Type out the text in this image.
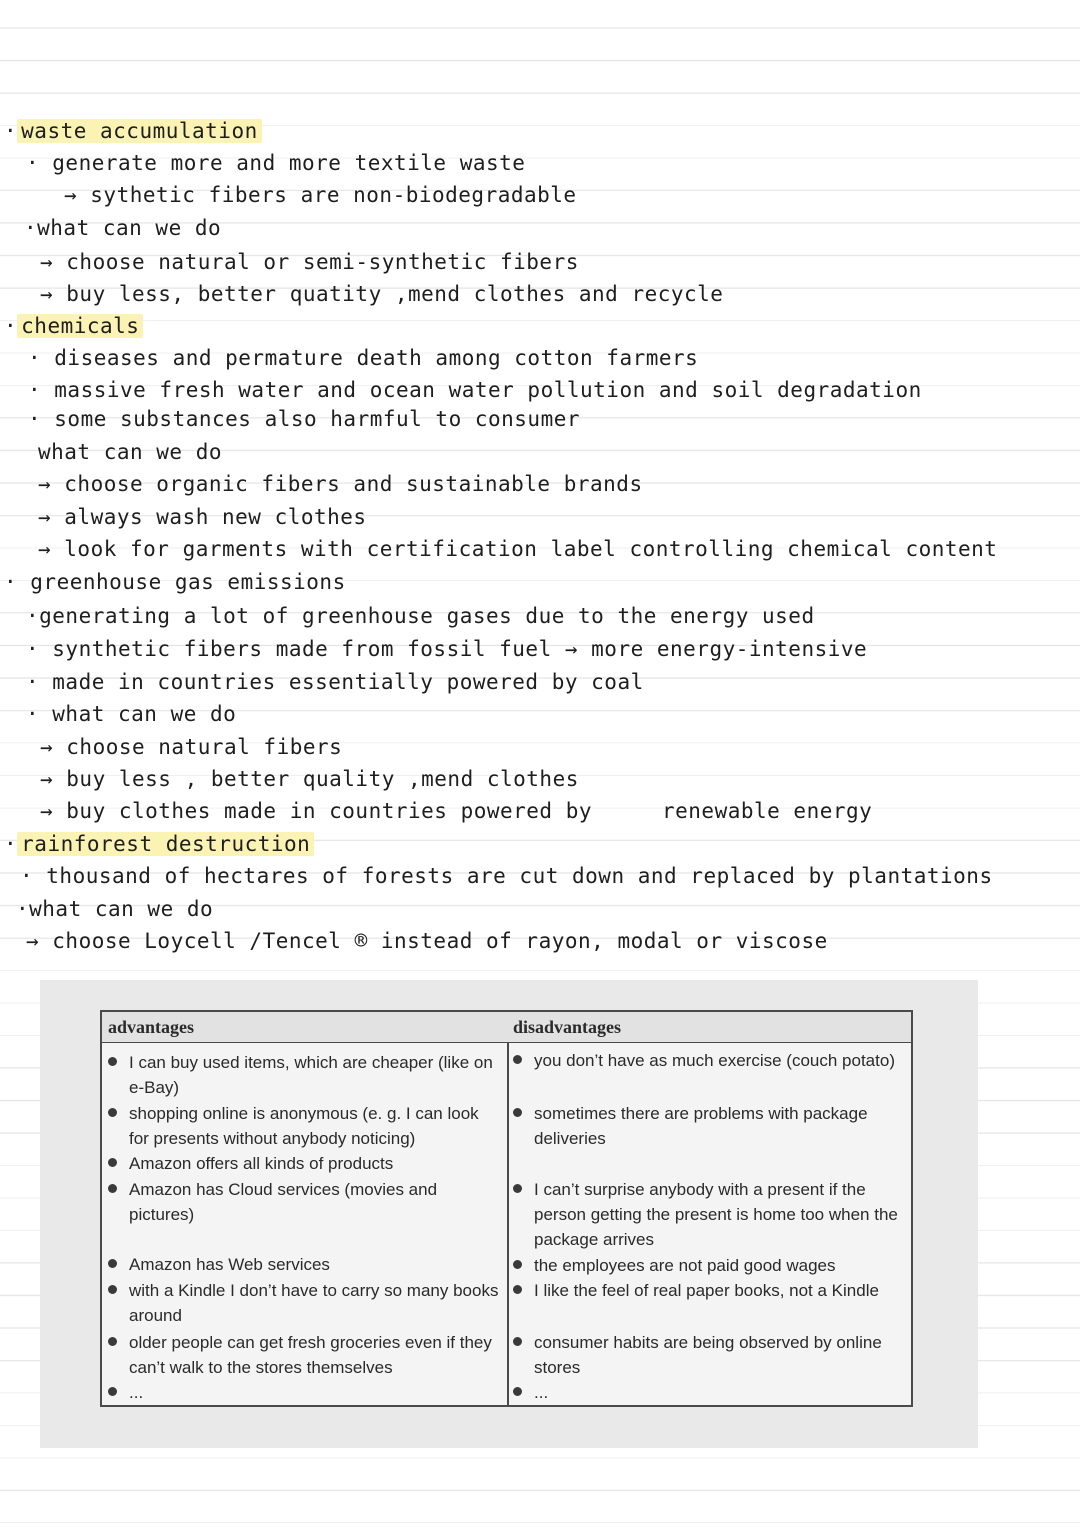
· waste accumulation
· generate more and more textile waste
→ sythetic fibers are non-biodegradable
·what can we do
→ choose natural or semi-synthetic fibers
→ buy less, better quatity ,mend clothes and recycle
· chemicals
· diseases and permature death among cotton farmers
· massive fresh water and ocean water pollution and soil degradation
· some substances also harmful to consumer
what can we do
→ choose organic fibers and sustainable brands
→ always wash new clothes
→ look for garments with certification label controlling chemical content
· greenhouse gas emissions
·generating a lot of greenhouse gases due to the energy used
· synthetic fibers made from fossil fuel → more energy-intensive
· made in countries essentially powered by coal
· what can we do
→ choose natural fibers
→ buy less , better quality ,mend clothes
→ buy clothes made in countries powered by	renewable energy
· rainforest destruction
· thousand of hectares of forests are cut down and replaced by plantations
·what can we do
→ choose Loycell /Tencel ® instead of rayon, modal or viscose
advantages
I can buy used items, which are cheaper (like on e-Bay)
shopping online is anonymous (e. g. I can look for presents without anybody noticing)
Amazon offers all kinds of products
Amazon has Cloud services (movies and pictures)
Amazon has Web services
with a Kindle I don’t have to carry so many books around
older people can get fresh groceries even if they can’t walk to the stores themselves
...
disadvantages
you don’t have as much exercise (couch potato)
sometimes there are problems with package deliveries
I can’t surprise anybody with a present if the person getting the present is home too when the package arrives
the employees are not paid good wages
I like the feel of real paper books, not a Kindle
consumer habits are being observed by online stores
...
